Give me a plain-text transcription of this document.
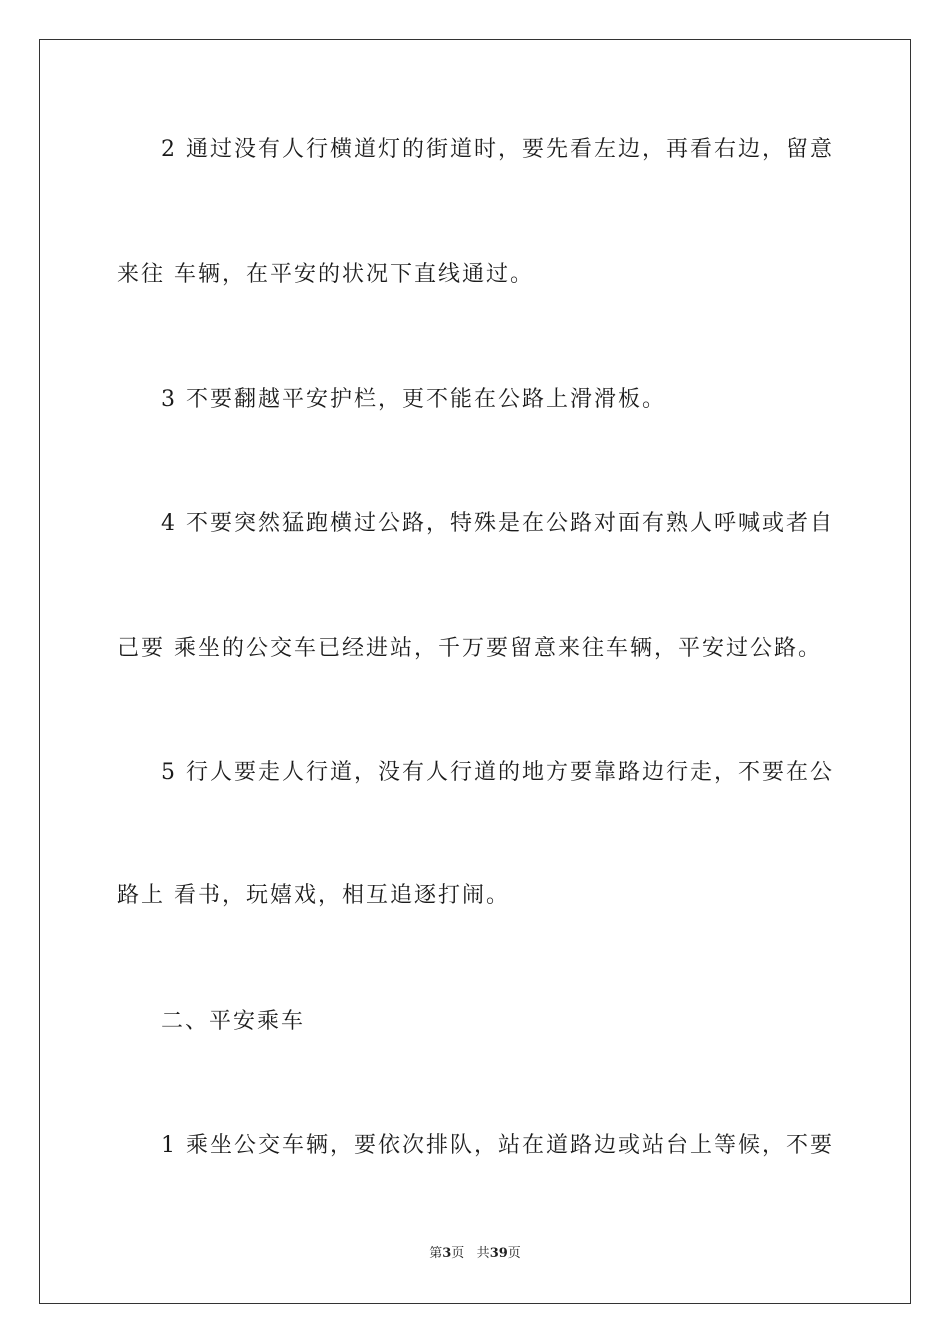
2 通过没有人行横道灯的街道时，要先看左边，再看右边，留意
来往 车辆，在平安的状况下直线通过。
3 不要翻越平安护栏，更不能在公路上滑滑板。
4 不要突然猛跑横过公路，特殊是在公路对面有熟人呼喊或者自
己要 乘坐的公交车已经进站，千万要留意来往车辆，平安过公路。
5 行人要走人行道，没有人行道的地方要靠路边行走，不要在公
路上 看书，玩嬉戏，相互追逐打闹。
二、平安乘车
1 乘坐公交车辆，要依次排队，站在道路边或站台上等候，不要
第3页 共39页
